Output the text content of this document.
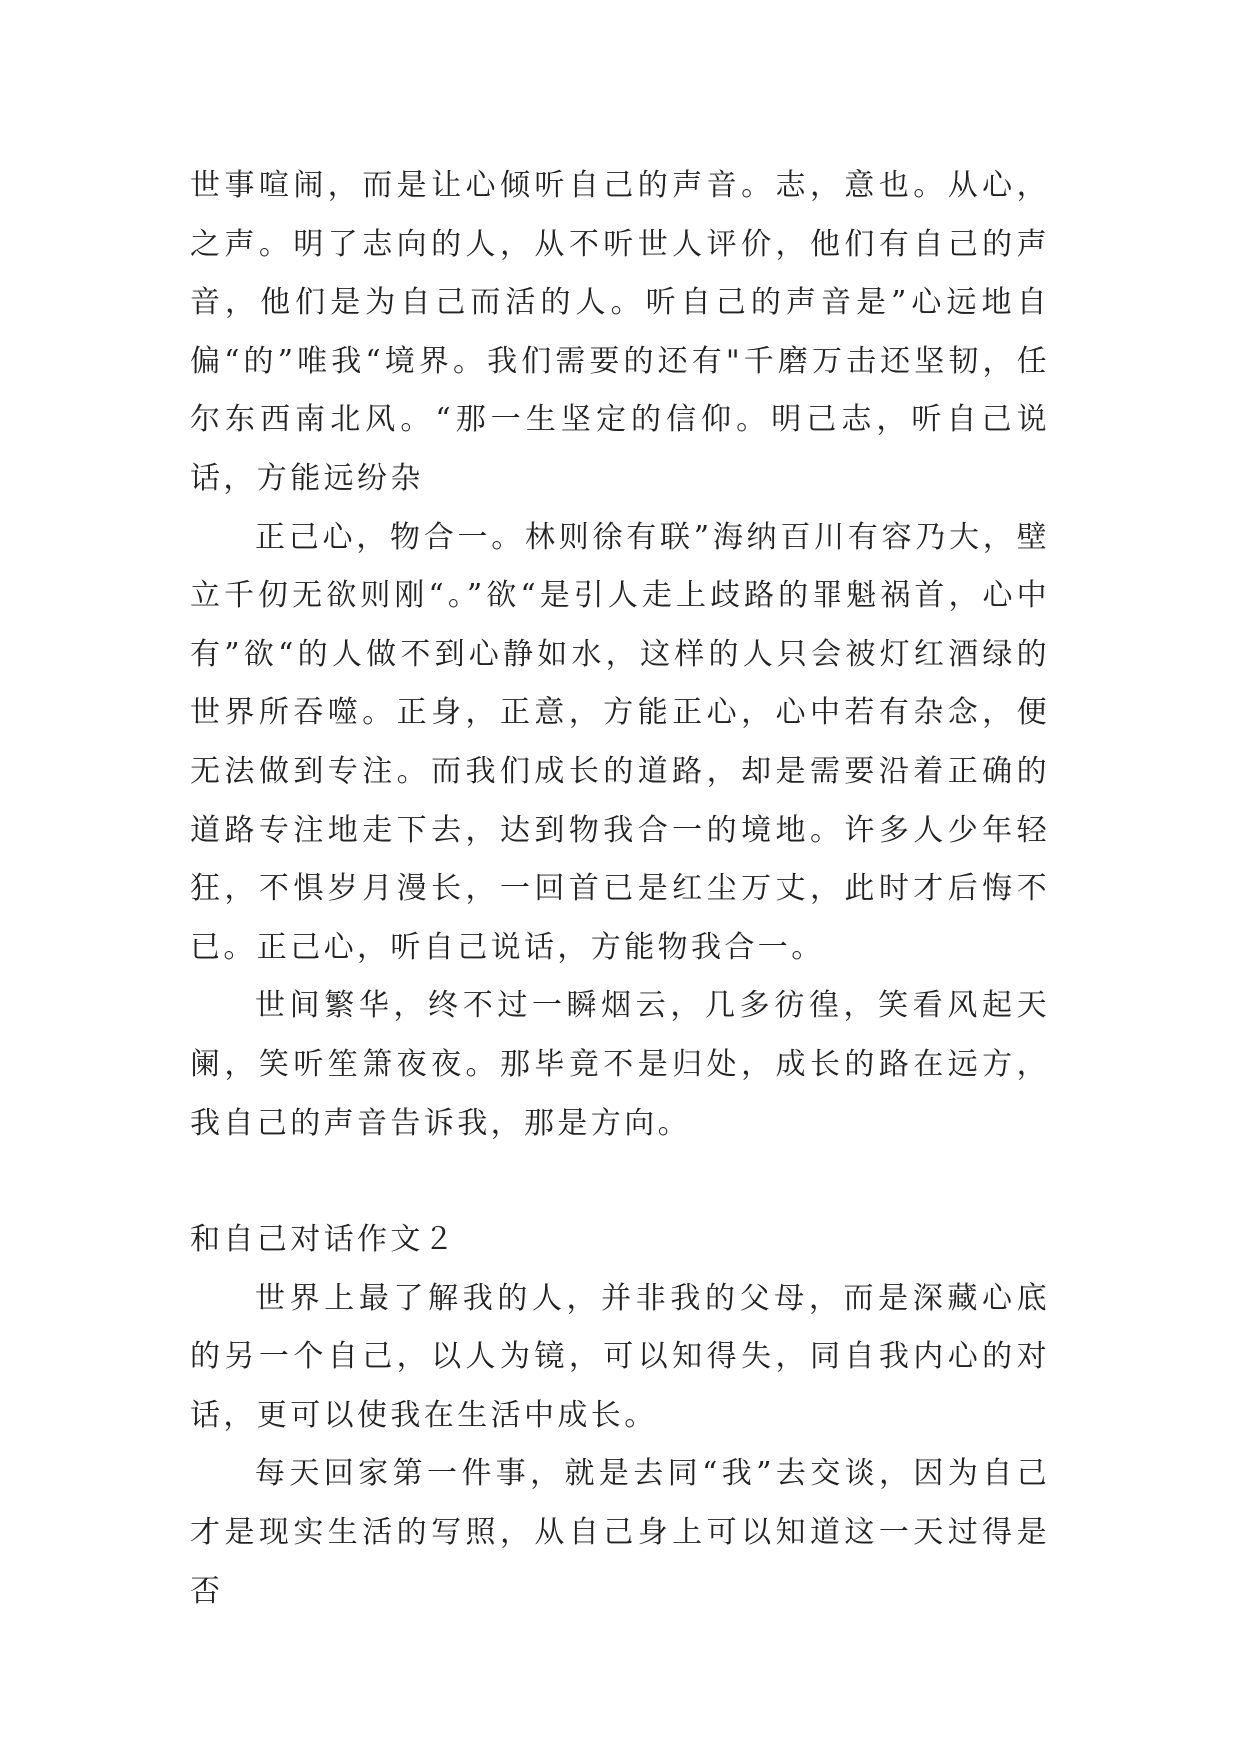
世事喧闹，而是让心倾听自己的声音。志，意也。从心，之声。明了志向的人，从不听世人评价，他们有自己的声音，他们是为自己而活的人。听自己的声音是”心远地自偏“的”唯我“境界。我们需要的还有"千磨万击还坚韧，任尔东西南北风。“那一生坚定的信仰。明己志，听自己说话，方能远纷杂

正己心，物合一。林则徐有联”海纳百川有容乃大，壁立千仞无欲则刚“。”欲“是引人走上歧路的罪魁祸首，心中有”欲“的人做不到心静如水，这样的人只会被灯红酒绿的世界所吞噬。正身，正意，方能正心，心中若有杂念，便无法做到专注。而我们成长的道路，却是需要沿着正确的道路专注地走下去，达到物我合一的境地。许多人少年轻狂，不惧岁月漫长，一回首已是红尘万丈，此时才后悔不已。正己心，听自己说话，方能物我合一。

世间繁华，终不过一瞬烟云，几多彷徨，笑看风起天阑，笑听笙箫夜夜。那毕竟不是归处，成长的路在远方，我自己的声音告诉我，那是方向。

和自己对话作文２

世界上最了解我的人，并非我的父母，而是深藏心底的另一个自己，以人为镜，可以知得失，同自我内心的对话，更可以使我在生活中成长。

每天回家第一件事，就是去同“我”去交谈，因为自己才是现实生活的写照，从自己身上可以知道这一天过得是否
